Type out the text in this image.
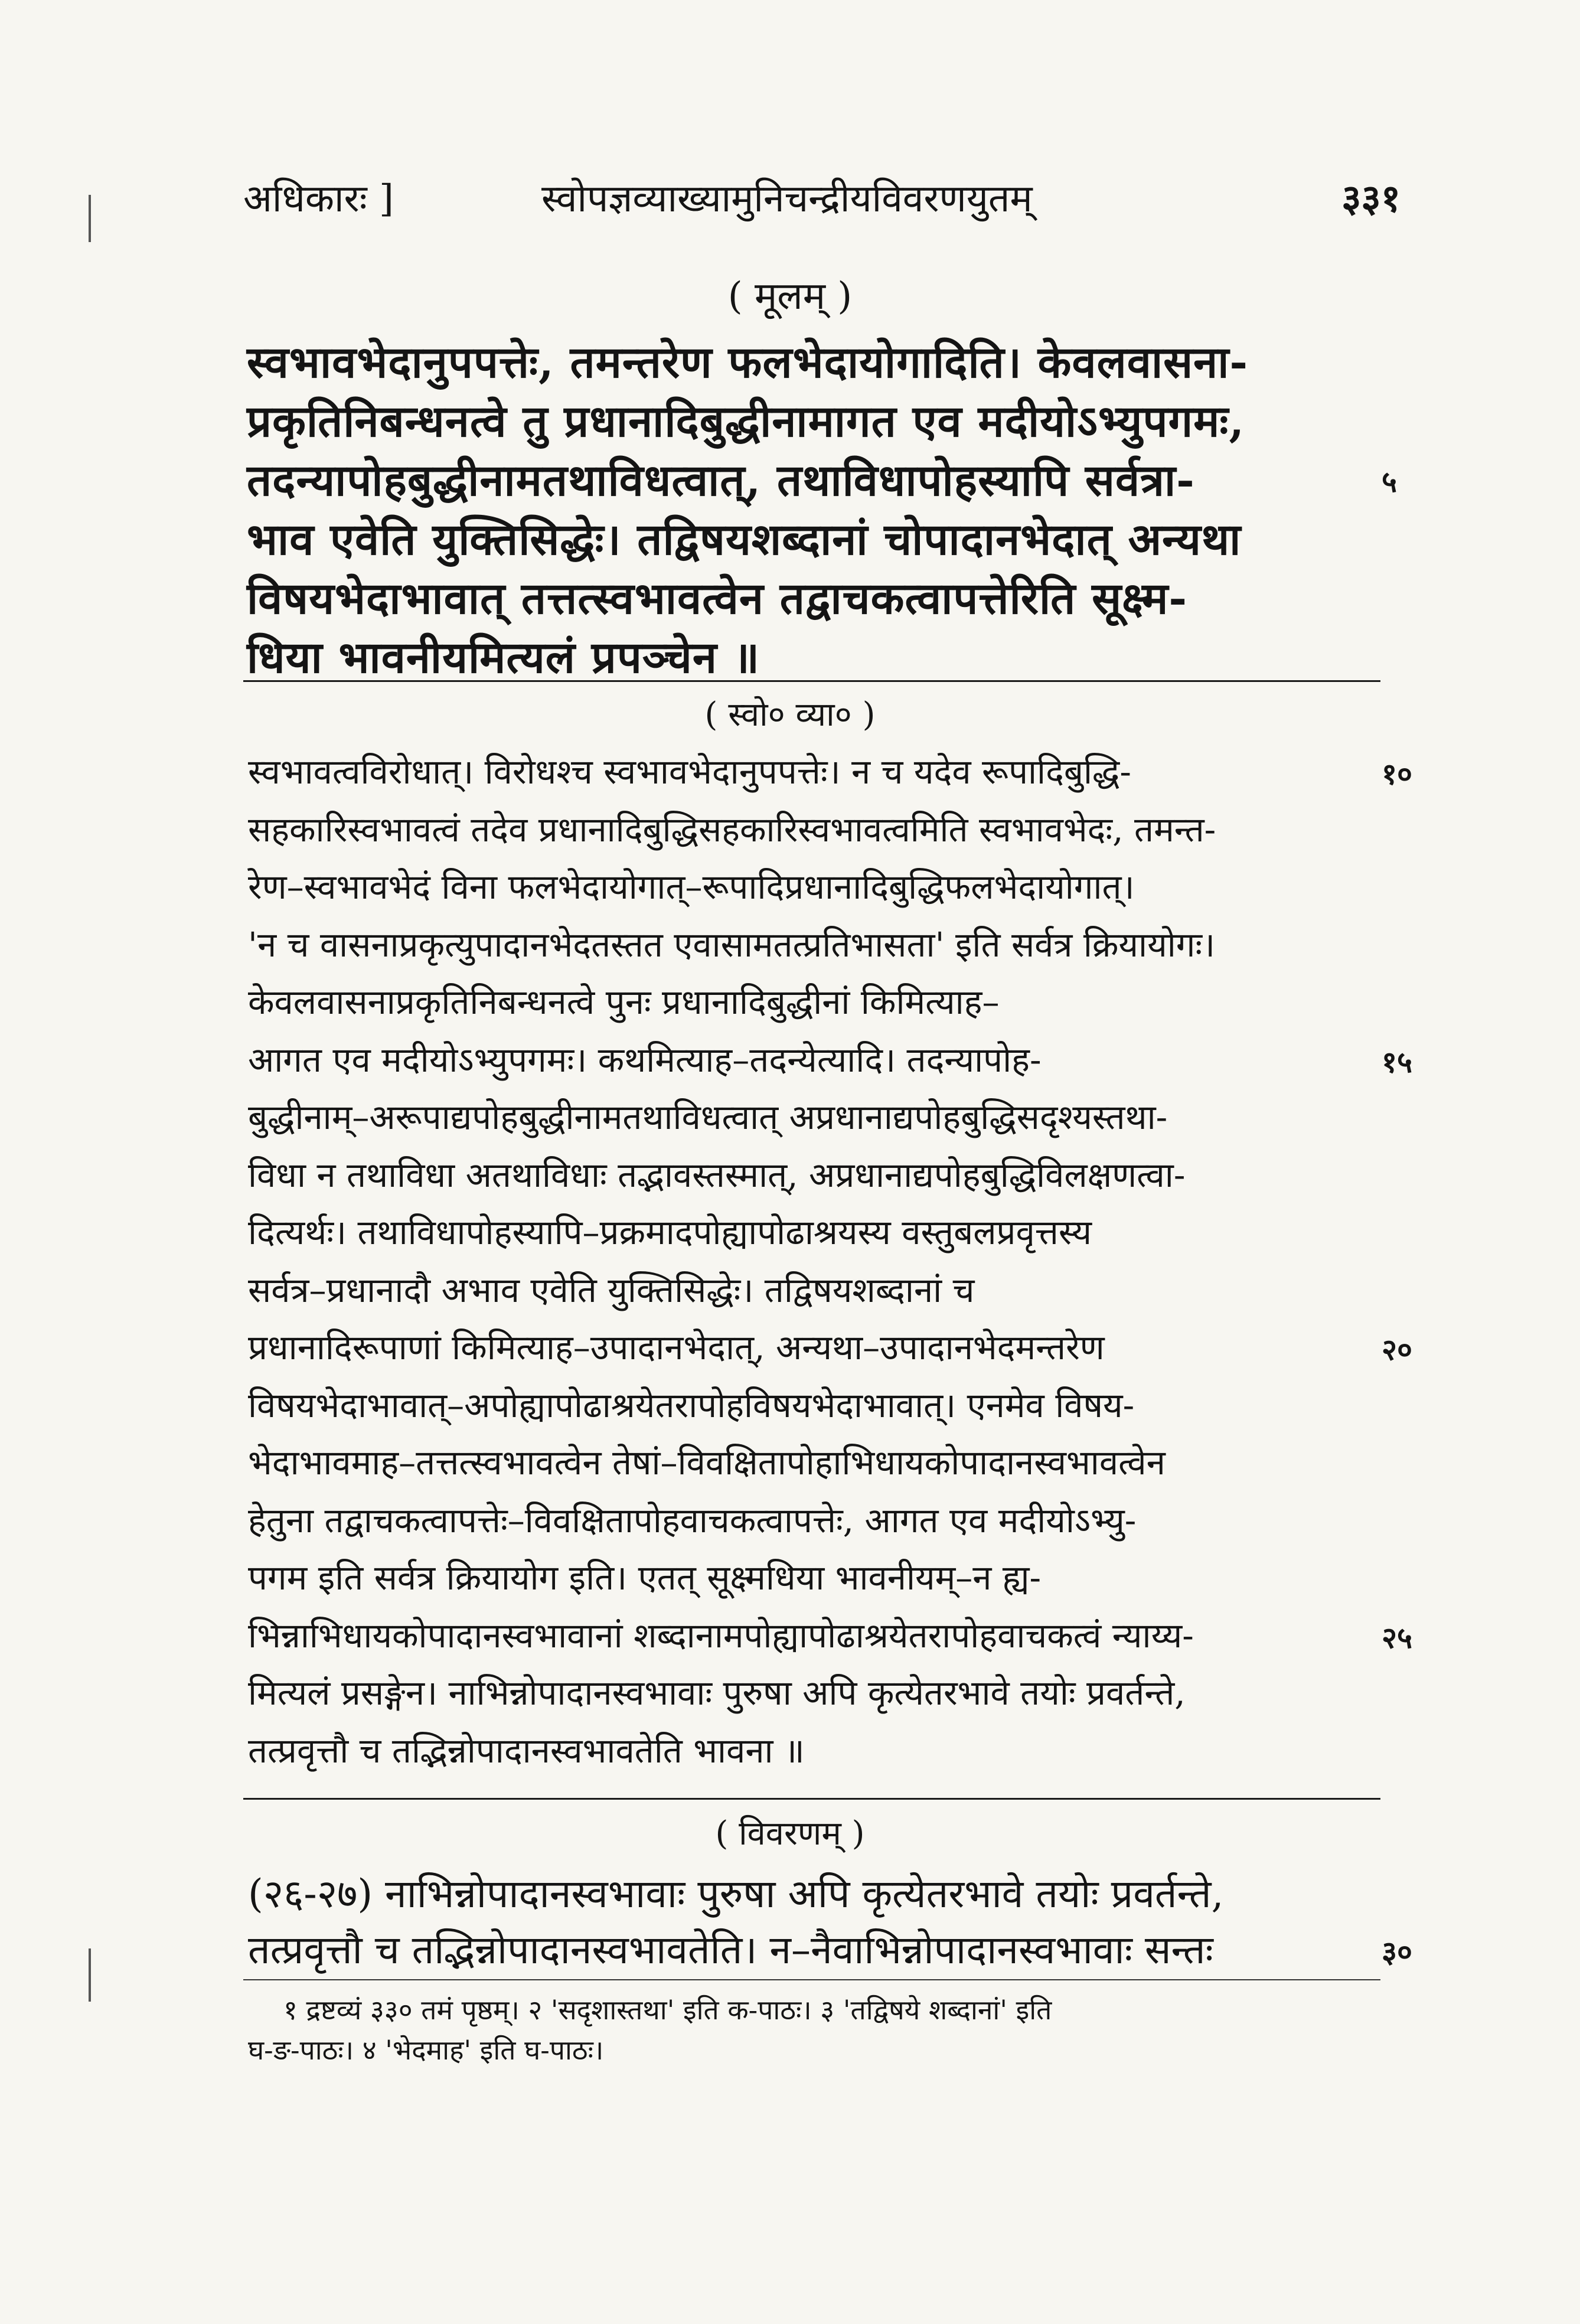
अधिकारः ]	स्वोपज्ञव्याख्यामुनिचन्द्रीयविवरणयुतम्	३३१
( मूलम् )
स्वभावभेदानुपपत्तेः, तमन्तरेण फलभेदायोगादिति। केवलवासना-
प्रकृतिनिबन्धनत्वे तु प्रधानादिबुद्धीनामागत एव मदीयोऽभ्युपगमः,
तदन्यापोहबुद्धीनामतथाविधत्वात्, तथाविधापोहस्यापि सर्वत्रा-	५
भाव एवेति युक्तिसिद्धेः। तद्विषयशब्दानां चोपादानभेदात् अन्यथा
विषयभेदाभावात् तत्तत्स्वभावत्वेन तद्वाचकत्वापत्तेरिति सूक्ष्म-
धिया भावनीयमित्यलं प्रपञ्चेन ॥
( स्वो० व्या० )
स्वभावत्वविरोधात्। विरोधश्च स्वभावभेदानुपपत्तेः। न च यदेव रूपादिबुद्धि-	१०
सहकारिस्वभावत्वं तदेव प्रधानादिबुद्धिसहकारिस्वभावत्वमिति स्वभावभेदः, तमन्त-
रेण–स्वभावभेदं विना फलभेदायोगात्–रूपादिप्रधानादिबुद्धिफलभेदायोगात्।
'न च वासनाप्रकृत्युपादानभेदतस्तत एवासामतत्प्रतिभासता' इति सर्वत्र क्रियायोगः।
केवलवासनाप्रकृतिनिबन्धनत्वे पुनः प्रधानादिबुद्धीनां किमित्याह–
आगत एव मदीयोऽभ्युपगमः। कथमित्याह–तदन्येत्यादि। तदन्यापोह-	१५
बुद्धीनाम्–अरूपाद्यपोहबुद्धीनामतथाविधत्वात् अप्रधानाद्यपोहबुद्धिसदृश्यस्तथा-
विधा न तथाविधा अतथाविधाः तद्भावस्तस्मात्, अप्रधानाद्यपोहबुद्धिविलक्षणत्वा-
दित्यर्थः। तथाविधापोहस्यापि–प्रक्रमादपोह्यापोढाश्रयस्य वस्तुबलप्रवृत्तस्य
सर्वत्र–प्रधानादौ अभाव एवेति युक्तिसिद्धेः। तद्विषयशब्दानां च
प्रधानादिरूपाणां किमित्याह–उपादानभेदात्, अन्यथा–उपादानभेदमन्तरेण	२०
विषयभेदाभावात्–अपोह्यापोढाश्रयेतरापोहविषयभेदाभावात्। एनमेव विषय-
भेदाभावमाह–तत्तत्स्वभावत्वेन तेषां–विवक्षितापोहाभिधायकोपादानस्वभावत्वेन
हेतुना तद्वाचकत्वापत्तेः–विवक्षितापोहवाचकत्वापत्तेः, आगत एव मदीयोऽभ्यु-
पगम इति सर्वत्र क्रियायोग इति। एतत् सूक्ष्मधिया भावनीयम्–न ह्य-
भिन्नाभिधायकोपादानस्वभावानां शब्दानामपोह्यापोढाश्रयेतरापोहवाचकत्वं न्याय्य-	२५
मित्यलं प्रसङ्गेन। नाभिन्नोपादानस्वभावाः पुरुषा अपि कृत्येतरभावे तयोः प्रवर्तन्ते,
तत्प्रवृत्तौ च तद्भिन्नोपादानस्वभावतेति भावना ॥
( विवरणम् )
(२६-२७) नाभिन्नोपादानस्वभावाः पुरुषा अपि कृत्येतरभावे तयोः प्रवर्तन्ते,
तत्प्रवृत्तौ च तद्भिन्नोपादानस्वभावतेति। न–नैवाभिन्नोपादानस्वभावाः सन्तः	३०
१ द्रष्टव्यं ३३० तमं पृष्ठम्। २ 'सदृशास्तथा' इति क-पाठः। ३ 'तद्विषये शब्दानां' इति
घ-ङ-पाठः। ४ 'भेदमाह' इति घ-पाठः।
